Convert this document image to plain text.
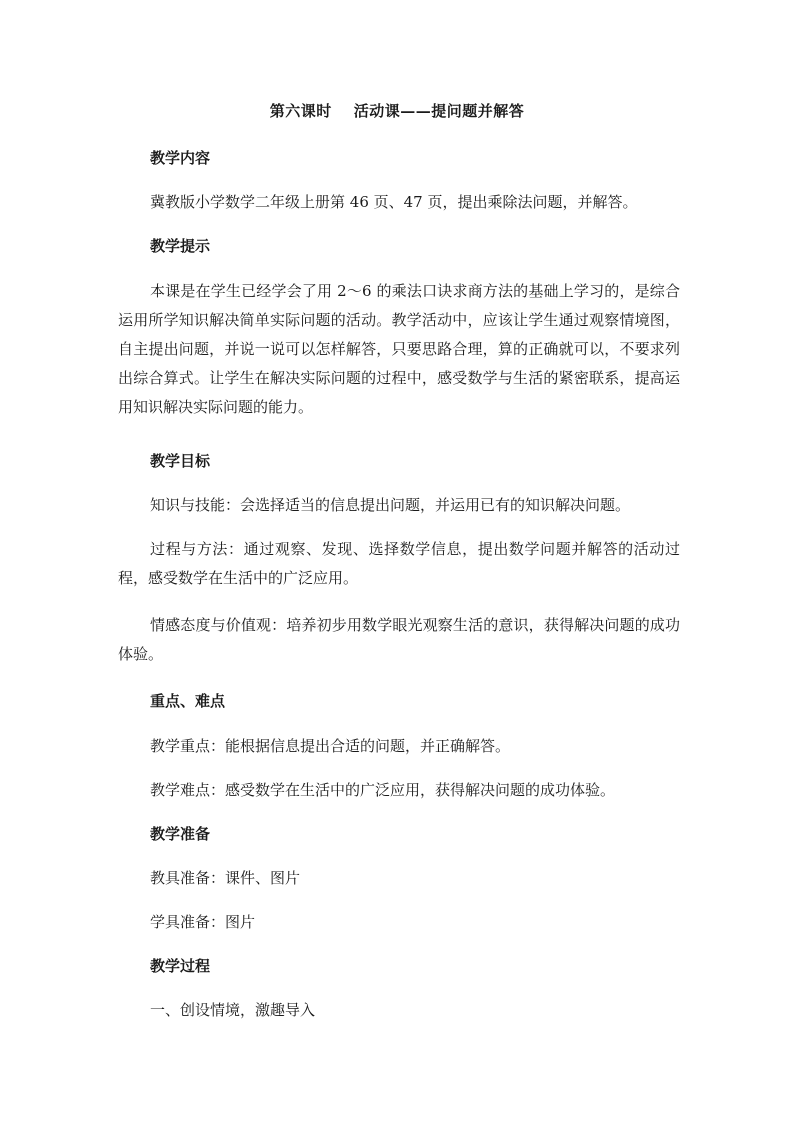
第六课时 活动课——提问题并解答
教学内容
冀教版小学数学二年级上册第 46 页、47 页，提出乘除法问题，并解答。
教学提示
本课是在学生已经学会了用 2～6 的乘法口诀求商方法的基础上学习的，是综合运用所学知识解决简单实际问题的活动。教学活动中，应该让学生通过观察情境图，自主提出问题，并说一说可以怎样解答，只要思路合理，算的正确就可以，不要求列出综合算式。让学生在解决实际问题的过程中，感受数学与生活的紧密联系，提高运用知识解决实际问题的能力。
教学目标
知识与技能：会选择适当的信息提出问题，并运用已有的知识解决问题。
过程与方法：通过观察、发现、选择数学信息，提出数学问题并解答的活动过程，感受数学在生活中的广泛应用。
情感态度与价值观：培养初步用数学眼光观察生活的意识，获得解决问题的成功体验。
重点、难点
教学重点：能根据信息提出合适的问题，并正确解答。
教学难点：感受数学在生活中的广泛应用，获得解决问题的成功体验。
教学准备
教具准备：课件、图片
学具准备：图片
教学过程
一、创设情境，激趣导入
